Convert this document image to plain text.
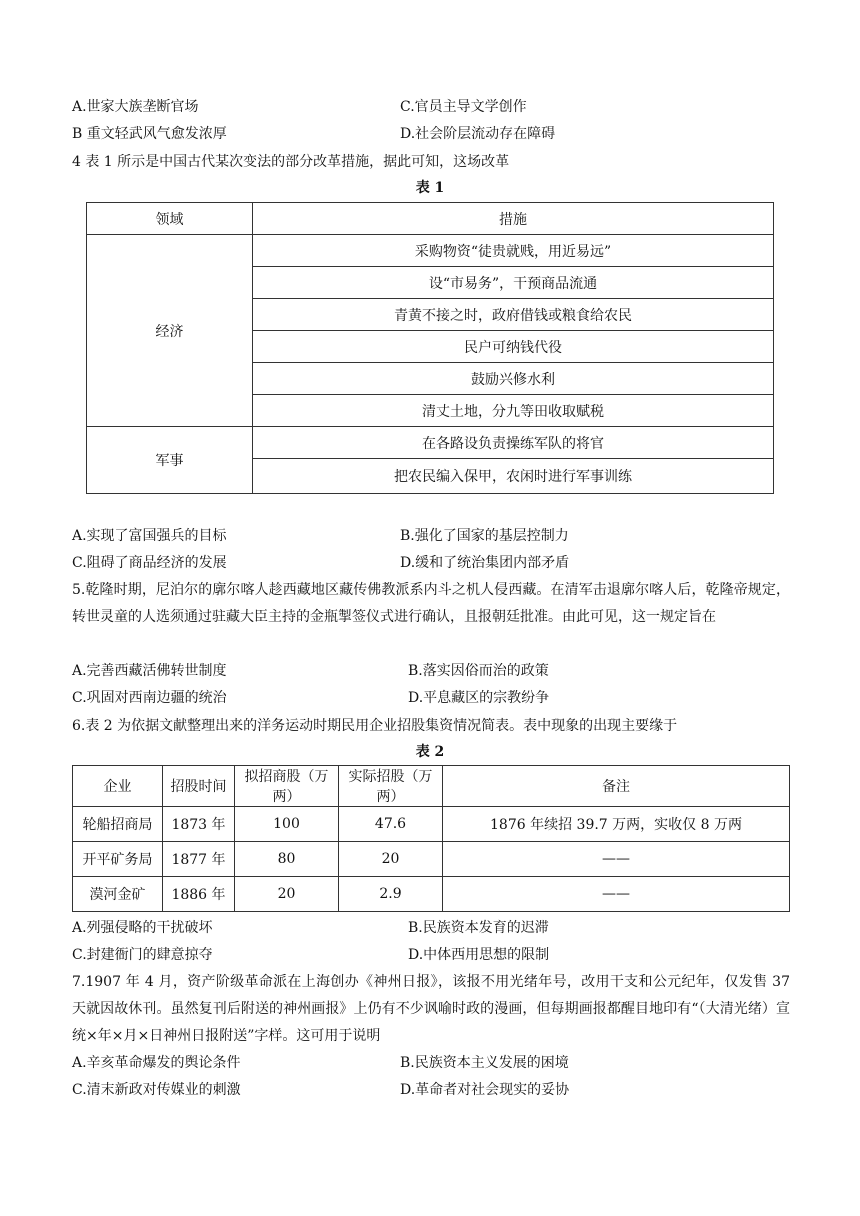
A.世家大族垄断官场	C.官员主导文学创作
B 重文轻武风气愈发浓厚	D.社会阶层流动存在障碍
4 表 1 所示是中国古代某次变法的部分改革措施，据此可知，这场改革
表 1
领域	措施
经济	采购物资“徒贵就贱，用近易远”
	设“市易务”，干预商品流通
	青黄不接之时，政府借钱或粮食给农民
	民户可纳钱代役
	鼓励兴修水利
	清丈土地，分九等田收取赋税
军事	在各路设负责操练军队的将官
	把农民编入保甲，农闲时进行军事训练
A.实现了富国强兵的目标	B.强化了国家的基层控制力
C.阻碍了商品经济的发展	D.缓和了统治集团内部矛盾
5.乾隆时期，尼泊尔的廓尔喀人趁西藏地区藏传佛教派系内斗之机人侵西藏。在清军击退廓尔喀人后，乾隆帝规定，转世灵童的人选须通过驻藏大臣主持的金瓶掣签仪式进行确认，且报朝廷批准。由此可见，这一规定旨在
A.完善西藏活佛转世制度	B.落实因俗而治的政策
C.巩固对西南边疆的统治	D.平息藏区的宗教纷争
6.表 2 为依据文献整理出来的洋务运动时期民用企业招股集资情况简表。表中现象的出现主要缘于
表 2
企业	招股时间	拟招商股（万两）	实际招股（万两）	备注
轮船招商局	1873 年	100	47.6	1876 年续招 39.7 万两，实收仅 8 万两
开平矿务局	1877 年	80	20	——
漠河金矿	1886 年	20	2.9	——
A.列强侵略的干扰破坏	B.民族资本发育的迟滞
C.封建衙门的肆意掠夺	D.中体西用思想的限制
7.1907 年 4 月，资产阶级革命派在上海创办《神州日报》，该报不用光绪年号，改用干支和公元纪年，仅发售 37 天就因故休刊。虽然复刊后附送的神州画报》上仍有不少讽喻时政的漫画，但每期画报都醒目地印有“（大清光绪）宣统×年×月×日神州日报附送”字样。这可用于说明
A.辛亥革命爆发的舆论条件	B.民族资本主义发展的困境
C.清末新政对传媒业的刺激	D.革命者对社会现实的妥协
